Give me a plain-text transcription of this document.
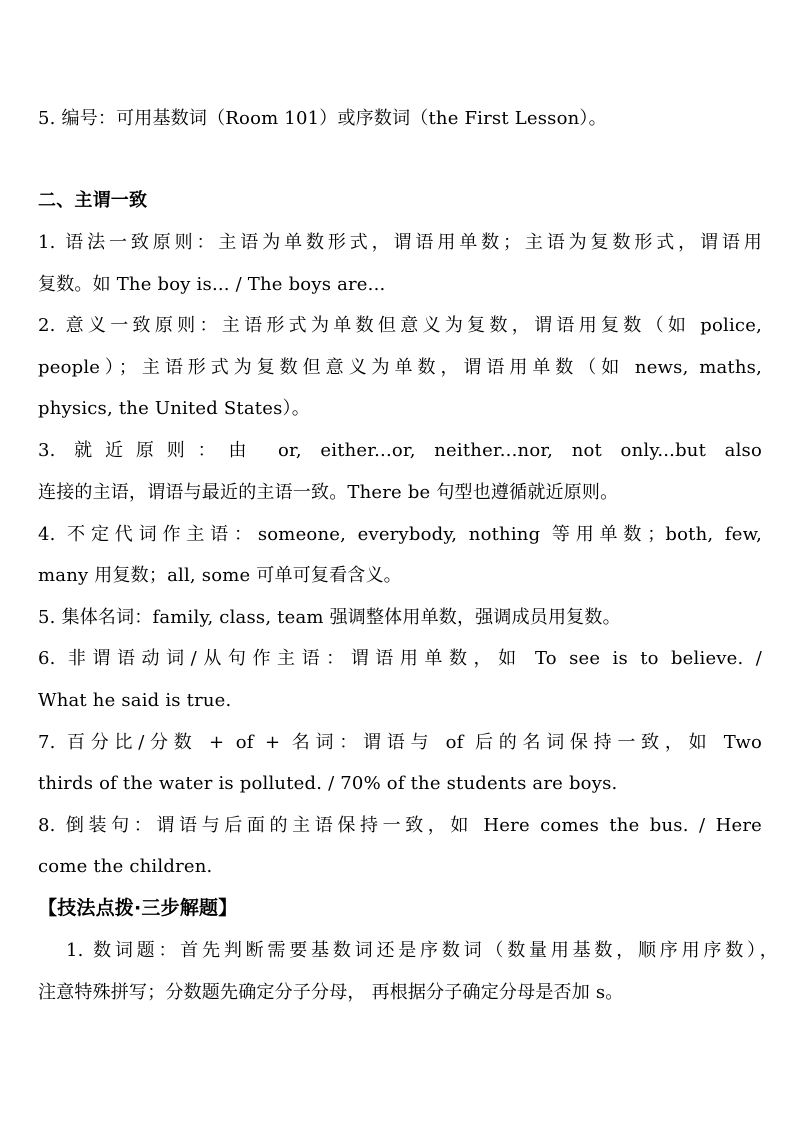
5. 编号：可用基数词（Room 101）或序数词（the First Lesson）。
二、主谓一致
1. 语法一致原则：主语为单数形式，谓语用单数；主语为复数形式，谓语用
复数。如 The boy is... / The boys are...
2. 意义一致原则：主语形式为单数但意义为复数，谓语用复数（如 police,
people）；主语形式为复数但意义为单数，谓语用单数（如 news, maths,
physics, the United States）。
3. 就近原则：由 or, either...or, neither...nor, not only...but also
连接的主语，谓语与最近的主语一致。There be 句型也遵循就近原则。
4. 不定代词作主语：someone, everybody, nothing 等用单数；both, few,
many 用复数；all, some 可单可复看含义。
5. 集体名词：family, class, team 强调整体用单数，强调成员用复数。
6. 非谓语动词/从句作主语：谓语用单数，如 To see is to believe. /
What he said is true.
7. 百分比/分数 + of + 名词：谓语与 of 后的名词保持一致，如 Two
thirds of the water is polluted. / 70% of the students are boys.
8. 倒装句：谓语与后面的主语保持一致，如 Here comes the bus. / Here
come the children.
【技法点拨·三步解题】
1. 数词题：首先判断需要基数词还是序数词（数量用基数，顺序用序数），
注意特殊拼写；分数题先确定分子分母， 再根据分子确定分母是否加 s。
